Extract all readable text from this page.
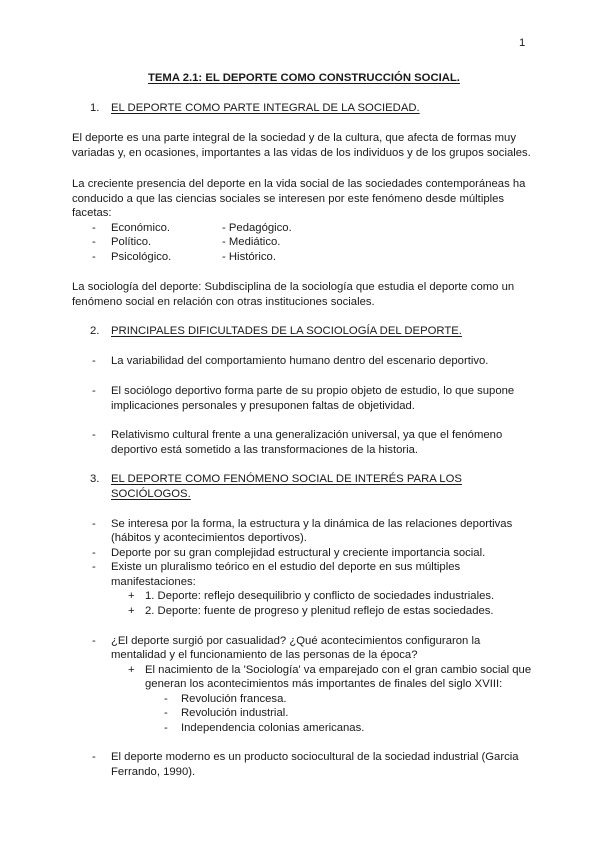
1
TEMA 2.1: EL DEPORTE COMO CONSTRUCCIÓN SOCIAL.
1. EL DEPORTE COMO PARTE INTEGRAL DE LA SOCIEDAD.
El deporte es una parte integral de la sociedad y de la cultura, que afecta de formas muy
variadas y, en ocasiones, importantes a las vidas de los individuos y de los grupos sociales.
La creciente presencia del deporte en la vida social de las sociedades contemporáneas ha
conducido a que las ciencias sociales se interesen por este fenómeno desde múltiples
facetas:
- Económico.	- Pedagógico.
- Político.	- Mediático.
- Psicológico.	- Histórico.
La sociología del deporte: Subdisciplina de la sociología que estudia el deporte como un
fenómeno social en relación con otras instituciones sociales.
2. PRINCIPALES DIFICULTADES DE LA SOCIOLOGÍA DEL DEPORTE.
- La variabilidad del comportamiento humano dentro del escenario deportivo.
- El sociólogo deportivo forma parte de su propio objeto de estudio, lo que supone
implicaciones personales y presuponen faltas de objetividad.
- Relativismo cultural frente a una generalización universal, ya que el fenómeno
deportivo está sometido a las transformaciones de la historia.
3. EL DEPORTE COMO FENÓMENO SOCIAL DE INTERÉS PARA LOS
SOCIÓLOGOS.
- Se interesa por la forma, la estructura y la dinámica de las relaciones deportivas
(hábitos y acontecimientos deportivos).
- Deporte por su gran complejidad estructural y creciente importancia social.
- Existe un pluralismo teórico en el estudio del deporte en sus múltiples
manifestaciones:
+ 1. Deporte: reflejo desequilibrio y conflicto de sociedades industriales.
+ 2. Deporte: fuente de progreso y plenitud reflejo de estas sociedades.
- ¿El deporte surgió por casualidad? ¿Qué acontecimientos configuraron la
mentalidad y el funcionamiento de las personas de la época?
+ El nacimiento de la 'Sociología' va emparejado con el gran cambio social que
generan los acontecimientos más importantes de finales del siglo XVIII:
- Revolución francesa.
- Revolución industrial.
- Independencia colonias americanas.
- El deporte moderno es un producto sociocultural de la sociedad industrial (Garcia
Ferrando, 1990).
